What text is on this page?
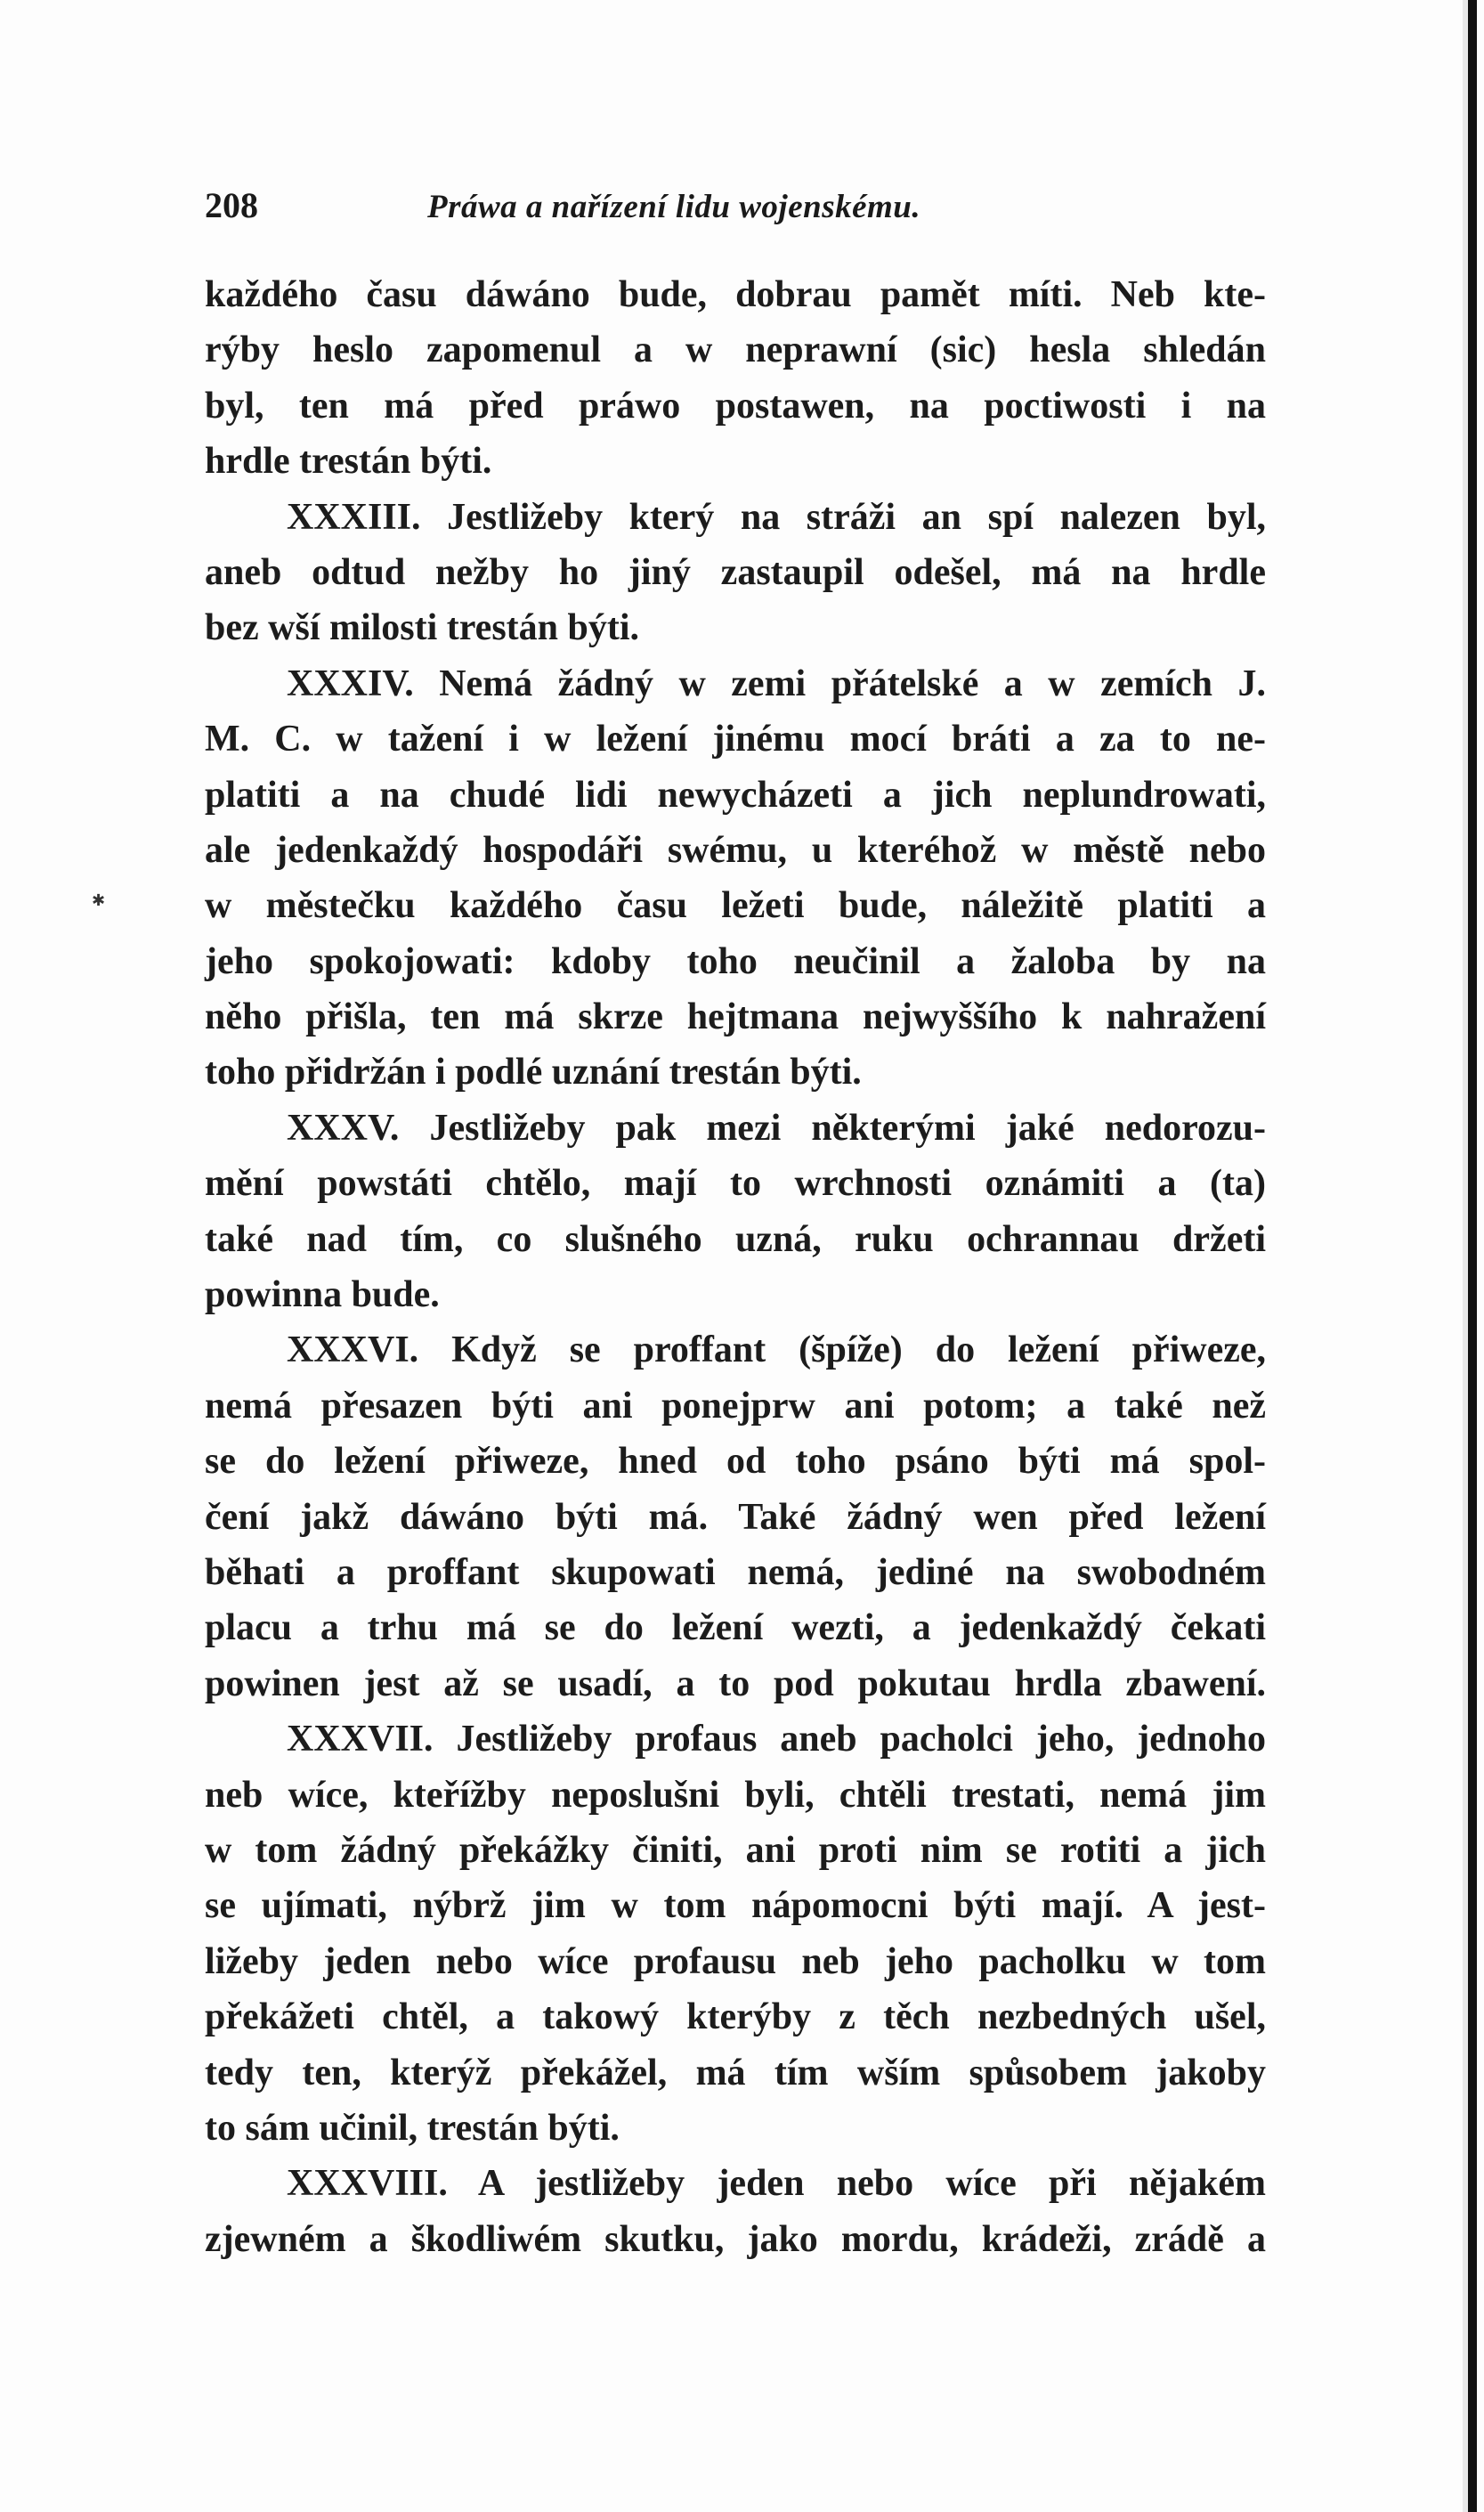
208	Práwa a nařízení lidu wojenskému.
✱
každého času dáwáno bude, dobrau pamět míti. Neb kte-
rýby heslo zapomenul a w neprawní (sic) hesla shledán
byl, ten má před práwo postawen, na poctiwosti i na
hrdle trestán býti.
XXXIII. Jestližeby který na stráži an spí nalezen byl,
aneb odtud nežby ho jiný zastaupil odešel, má na hrdle
bez wší milosti trestán býti.
XXXIV. Nemá žádný w zemi přátelské a w zemích J.
M. C. w tažení i w ležení jinému mocí bráti a za to ne-
platiti a na chudé lidi newycházeti a jich neplundrowati,
ale jedenkaždý hospodáři swému, u kteréhož w městě nebo
w městečku každého času ležeti bude, náležitě platiti a
jeho spokojowati: kdoby toho neučinil a žaloba by na
něho přišla, ten má skrze hejtmana nejwyššího k nahražení
toho přidržán i podlé uznání trestán býti.
XXXV. Jestližeby pak mezi některými jaké nedorozu-
mění powstáti chtělo, mají to wrchnosti oznámiti a (ta)
také nad tím, co slušného uzná, ruku ochrannau držeti
powinna bude.
XXXVI. Když se proffant (špíže) do ležení přiweze,
nemá přesazen býti ani ponejprw ani potom; a také než
se do ležení přiweze, hned od toho psáno býti má spol-
čení jakž dáwáno býti má. Také žádný wen před ležení
běhati a proffant skupowati nemá, jediné na swobodném
placu a trhu má se do ležení wezti, a jedenkaždý čekati
powinen jest až se usadí, a to pod pokutau hrdla zbawení.
XXXVII. Jestližeby profaus aneb pacholci jeho, jednoho
neb wíce, kteřížby neposlušni byli, chtěli trestati, nemá jim
w tom žádný překážky činiti, ani proti nim se rotiti a jich
se ujímati, nýbrž jim w tom nápomocni býti mají. A jest-
ližeby jeden nebo wíce profausu neb jeho pacholku w tom
překážeti chtěl, a takowý kterýby z těch nezbedných ušel,
tedy ten, kterýž překážel, má tím wším spůsobem jakoby
to sám učinil, trestán býti.
XXXVIII. A jestližeby jeden nebo wíce při nějakém
zjewném a škodliwém skutku, jako mordu, krádeži, zrádě a
